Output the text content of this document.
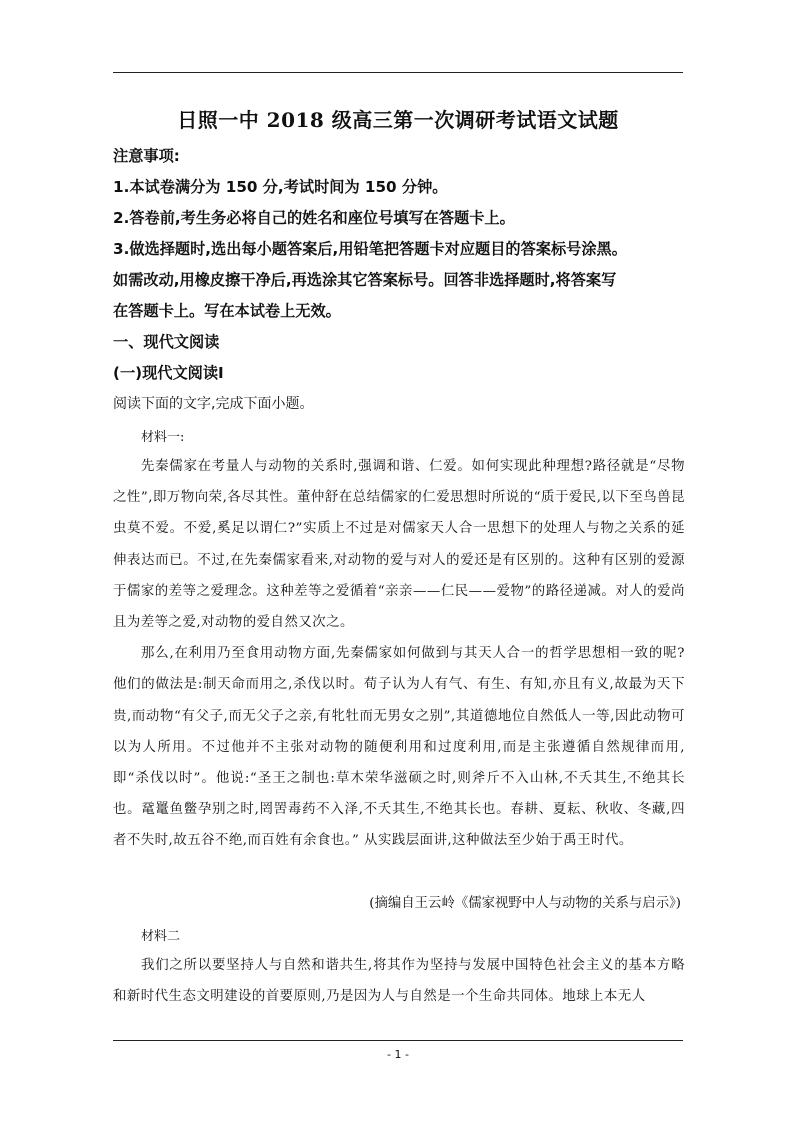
日照一中 2018 级高三第一次调研考试语文试题
注意事项:
1.本试卷满分为 150 分,考试时间为 150 分钟。
2.答卷前,考生务必将自己的姓名和座位号填写在答题卡上。
3.做选择题时,选出每小题答案后,用铅笔把答题卡对应题目的答案标号涂黑。
如需改动,用橡皮擦干净后,再选涂其它答案标号。回答非选择题时,将答案写
在答题卡上。写在本试卷上无效。
一、现代文阅读
(一)现代文阅读Ⅰ
阅读下面的文字,完成下面小题。
材料一:

先秦儒家在考量人与动物的关系时,强调和谐、仁爱。如何实现此种理想?路径就是“尽物之性”,即万物向荣,各尽其性。董仲舒在总结儒家的仁爱思想时所说的“质于爱民,以下至鸟兽昆虫莫不爱。不爱,奚足以谓仁?”实质上不过是对儒家天人合一思想下的处理人与物之关系的延伸表达而已。不过,在先秦儒家看来,对动物的爱与对人的爱还是有区别的。这种有区别的爱源于儒家的差等之爱理念。这种差等之爱循着“亲亲——仁民——爱物”的路径递减。对人的爱尚且为差等之爱,对动物的爱自然又次之。

那么,在利用乃至食用动物方面,先秦儒家如何做到与其天人合一的哲学思想相一致的呢?他们的做法是:制天命而用之,杀伐以时。荀子认为人有气、有生、有知,亦且有义,故最为天下贵,而动物“有父子,而无父子之亲,有牝牡而无男女之别”,其道德地位自然低人一等,因此动物可以为人所用。不过他并不主张对动物的随便利用和过度利用,而是主张遵循自然规律而用,即“杀伐以时”。他说:“圣王之制也:草木荣华滋硕之时,则斧斤不入山林,不夭其生,不绝其长也。鼋鼍鱼鳖孕别之时,罔罟毒药不入泽,不夭其生,不绝其长也。春耕、夏耘、秋收、冬藏,四者不失时,故五谷不绝,而百姓有余食也。” 从实践层面讲,这种做法至少始于禹王时代。

(摘编自王云岭《儒家视野中人与动物的关系与启示》)
材料二

我们之所以要坚持人与自然和谐共生,将其作为坚持与发展中国特色社会主义的基本方略和新时代生态文明建设的首要原则,乃是因为人与自然是一个生命共同体。地球上本无人

- 1 -
